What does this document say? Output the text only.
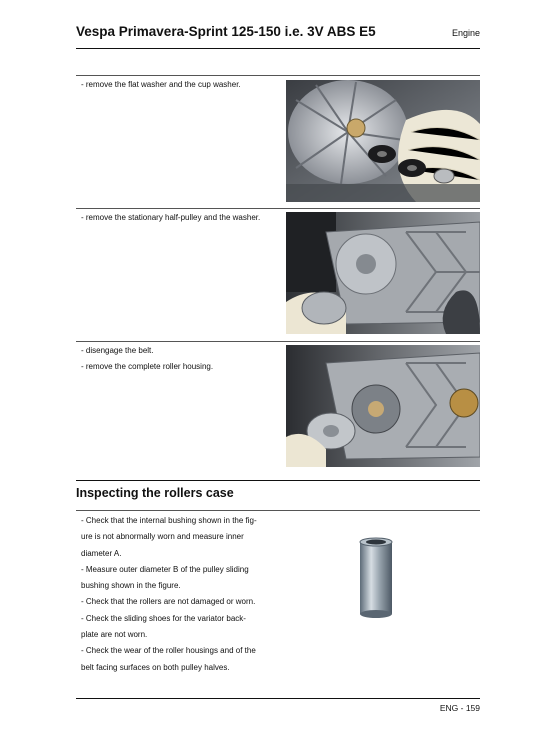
Vespa Primavera-Sprint 125-150 i.e. 3V ABS E5	Engine
- remove the flat washer and the cup washer.
- remove the stationary half-pulley and the washer.
- disengage the belt.
- remove the complete roller housing.
Inspecting the rollers case
- Check that the internal bushing shown in the fig-
ure is not abnormally worn and measure inner
diameter A.
- Measure outer diameter B of the pulley sliding
bushing shown in the figure.
- Check that the rollers are not damaged or worn.
- Check the sliding shoes for the variator back-
plate are not worn.
- Check the wear of the roller housings and of the
belt facing surfaces on both pulley halves.
ENG - 159
